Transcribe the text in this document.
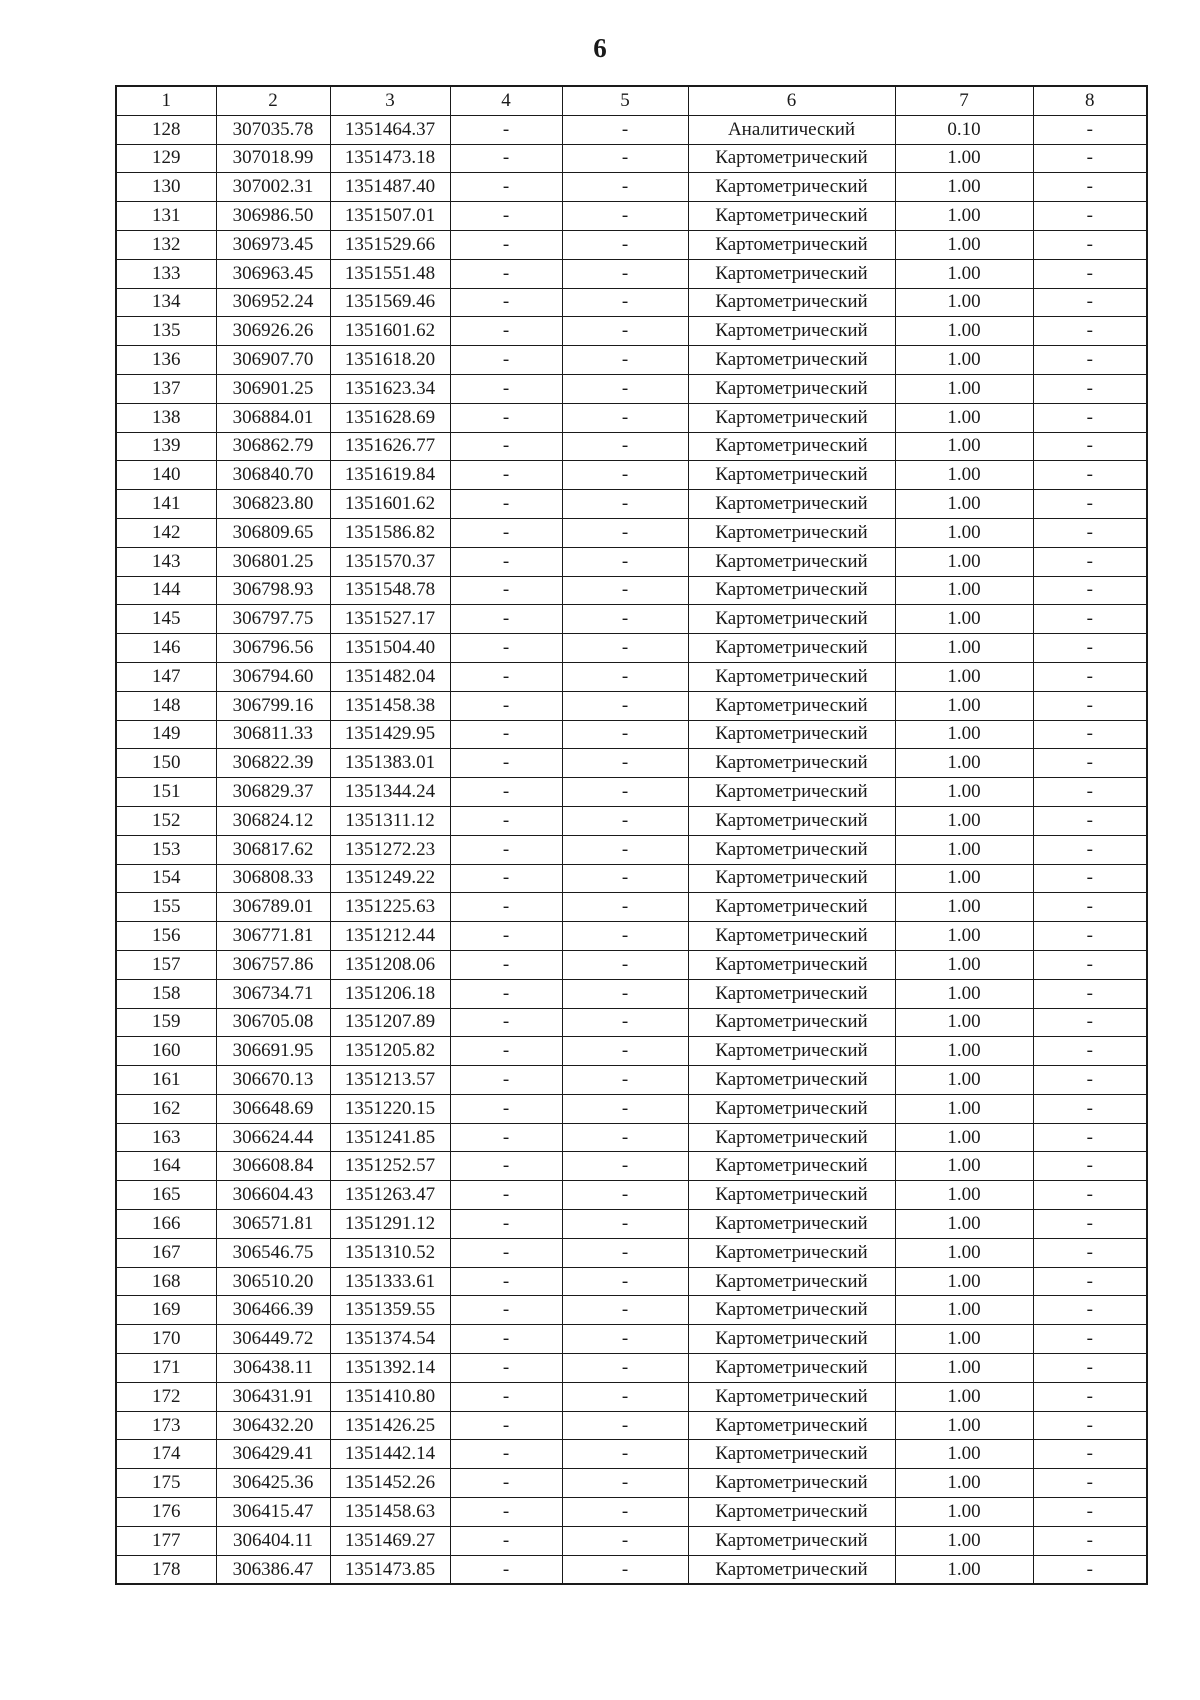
6
1	2	3	4	5	6	7	8
128	307035.78	1351464.37	-	-	Аналитический	0.10	-
129	307018.99	1351473.18	-	-	Картометрический	1.00	-
130	307002.31	1351487.40	-	-	Картометрический	1.00	-
131	306986.50	1351507.01	-	-	Картометрический	1.00	-
132	306973.45	1351529.66	-	-	Картометрический	1.00	-
133	306963.45	1351551.48	-	-	Картометрический	1.00	-
134	306952.24	1351569.46	-	-	Картометрический	1.00	-
135	306926.26	1351601.62	-	-	Картометрический	1.00	-
136	306907.70	1351618.20	-	-	Картометрический	1.00	-
137	306901.25	1351623.34	-	-	Картометрический	1.00	-
138	306884.01	1351628.69	-	-	Картометрический	1.00	-
139	306862.79	1351626.77	-	-	Картометрический	1.00	-
140	306840.70	1351619.84	-	-	Картометрический	1.00	-
141	306823.80	1351601.62	-	-	Картометрический	1.00	-
142	306809.65	1351586.82	-	-	Картометрический	1.00	-
143	306801.25	1351570.37	-	-	Картометрический	1.00	-
144	306798.93	1351548.78	-	-	Картометрический	1.00	-
145	306797.75	1351527.17	-	-	Картометрический	1.00	-
146	306796.56	1351504.40	-	-	Картометрический	1.00	-
147	306794.60	1351482.04	-	-	Картометрический	1.00	-
148	306799.16	1351458.38	-	-	Картометрический	1.00	-
149	306811.33	1351429.95	-	-	Картометрический	1.00	-
150	306822.39	1351383.01	-	-	Картометрический	1.00	-
151	306829.37	1351344.24	-	-	Картометрический	1.00	-
152	306824.12	1351311.12	-	-	Картометрический	1.00	-
153	306817.62	1351272.23	-	-	Картометрический	1.00	-
154	306808.33	1351249.22	-	-	Картометрический	1.00	-
155	306789.01	1351225.63	-	-	Картометрический	1.00	-
156	306771.81	1351212.44	-	-	Картометрический	1.00	-
157	306757.86	1351208.06	-	-	Картометрический	1.00	-
158	306734.71	1351206.18	-	-	Картометрический	1.00	-
159	306705.08	1351207.89	-	-	Картометрический	1.00	-
160	306691.95	1351205.82	-	-	Картометрический	1.00	-
161	306670.13	1351213.57	-	-	Картометрический	1.00	-
162	306648.69	1351220.15	-	-	Картометрический	1.00	-
163	306624.44	1351241.85	-	-	Картометрический	1.00	-
164	306608.84	1351252.57	-	-	Картометрический	1.00	-
165	306604.43	1351263.47	-	-	Картометрический	1.00	-
166	306571.81	1351291.12	-	-	Картометрический	1.00	-
167	306546.75	1351310.52	-	-	Картометрический	1.00	-
168	306510.20	1351333.61	-	-	Картометрический	1.00	-
169	306466.39	1351359.55	-	-	Картометрический	1.00	-
170	306449.72	1351374.54	-	-	Картометрический	1.00	-
171	306438.11	1351392.14	-	-	Картометрический	1.00	-
172	306431.91	1351410.80	-	-	Картометрический	1.00	-
173	306432.20	1351426.25	-	-	Картометрический	1.00	-
174	306429.41	1351442.14	-	-	Картометрический	1.00	-
175	306425.36	1351452.26	-	-	Картометрический	1.00	-
176	306415.47	1351458.63	-	-	Картометрический	1.00	-
177	306404.11	1351469.27	-	-	Картометрический	1.00	-
178	306386.47	1351473.85	-	-	Картометрический	1.00	-
